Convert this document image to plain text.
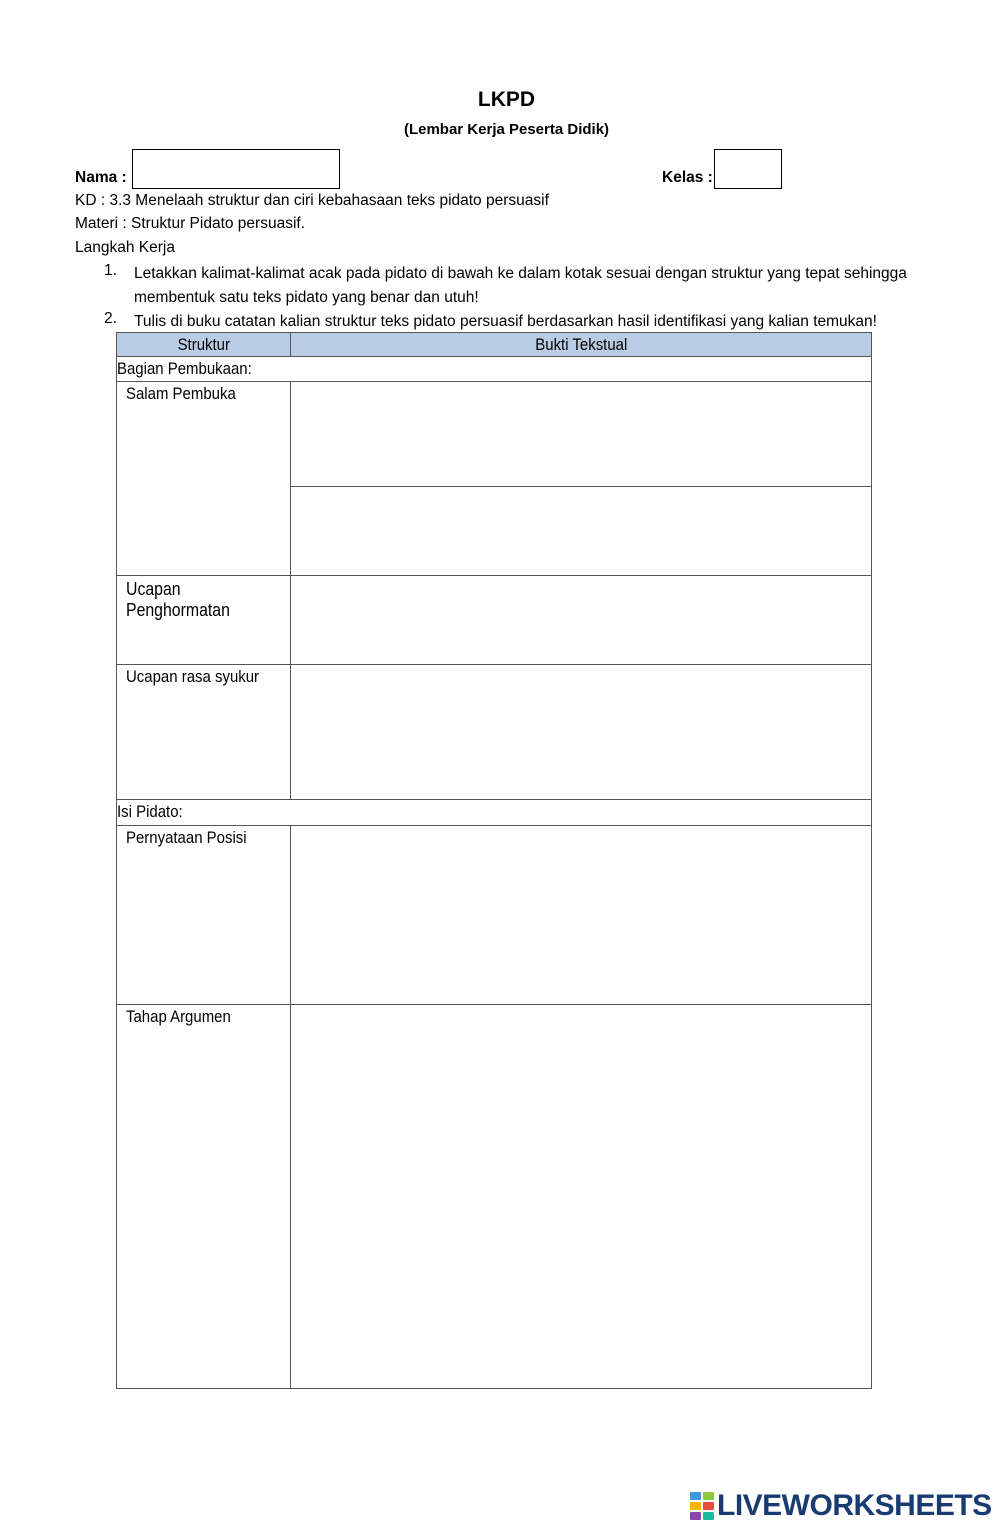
LKPD
(Lembar Kerja Peserta Didik)
Nama :	Kelas :
KD : 3.3 Menelaah struktur dan ciri kebahasaan teks pidato persuasif
Materi : Struktur Pidato persuasif.
Langkah Kerja
1. Letakkan kalimat-kalimat acak pada pidato di bawah ke dalam kotak sesuai dengan struktur yang tepat sehingga membentuk satu teks pidato yang benar dan utuh!
2. Tulis di buku catatan kalian struktur teks pidato persuasif berdasarkan hasil identifikasi yang kalian temukan!
Struktur	Bukti Tekstual
Bagian Pembukaan:	
Salam Pembuka	

Ucapan
Penghormatan	
Ucapan rasa syukur	
Isi Pidato:	
Pernyataan Posisi	
Tahap Argumen	
LIVEWORKSHEETS
